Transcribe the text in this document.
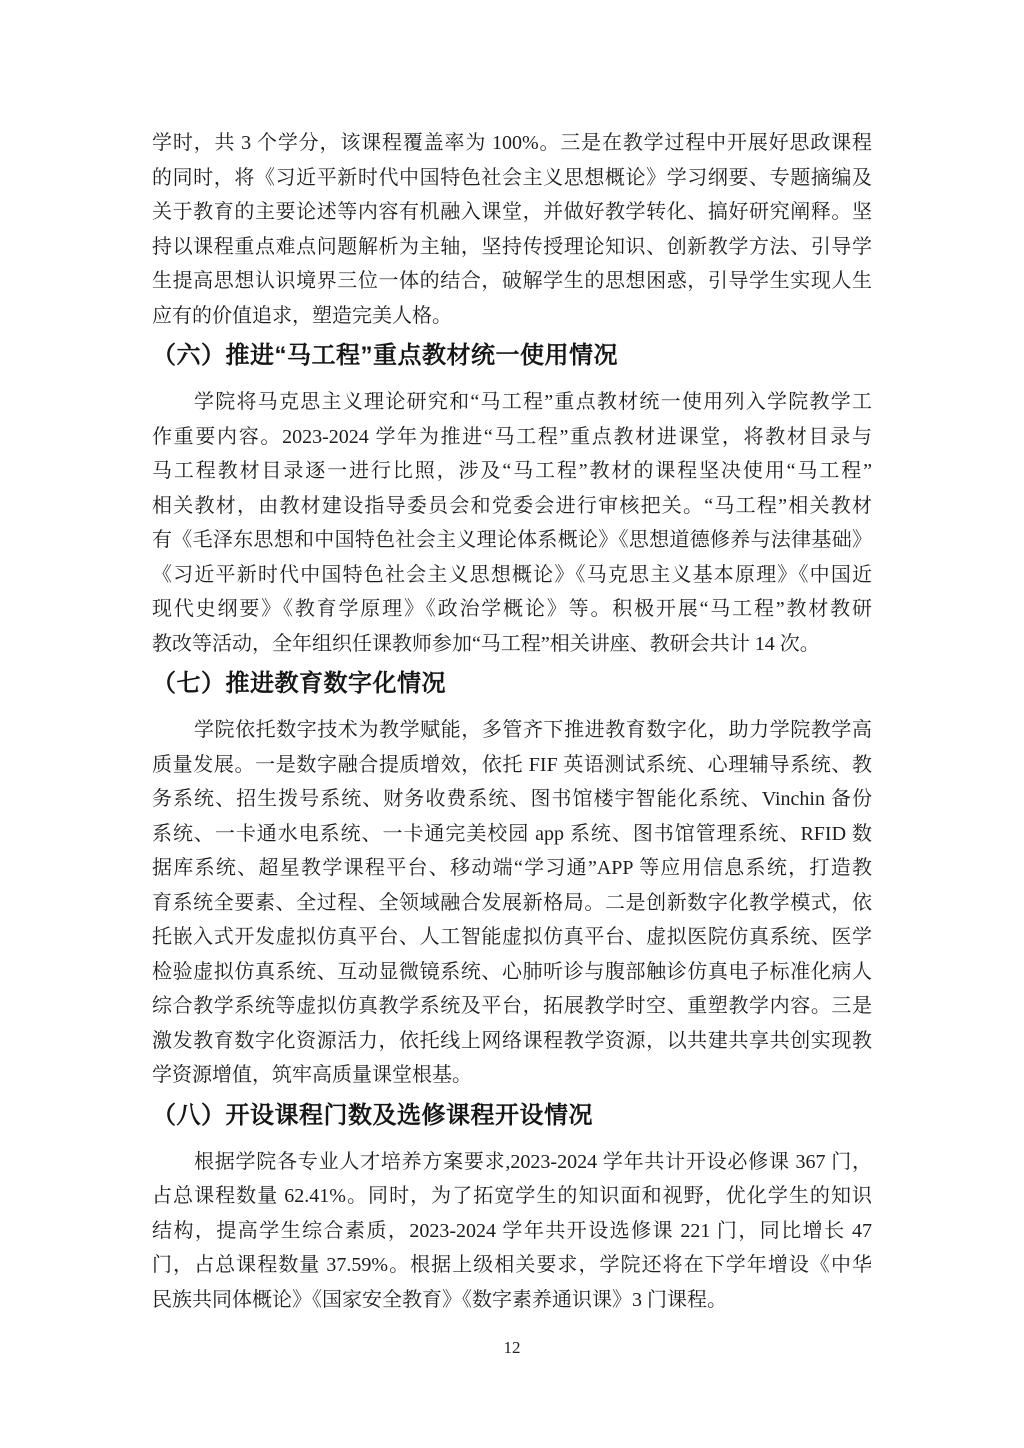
学时，共 3 个学分，该课程覆盖率为 100%。三是在教学过程中开展好思政课程
的同时，将《习近平新时代中国特色社会主义思想概论》学习纲要、专题摘编及
关于教育的主要论述等内容有机融入课堂，并做好教学转化、搞好研究阐释。坚
持以课程重点难点问题解析为主轴，坚持传授理论知识、创新教学方法、引导学
生提高思想认识境界三位一体的结合，破解学生的思想困惑，引导学生实现人生
应有的价值追求，塑造完美人格。
（六）推进“马工程”重点教材统一使用情况
学院将马克思主义理论研究和“马工程”重点教材统一使用列入学院教学工
作重要内容。2023-2024 学年为推进“马工程”重点教材进课堂，将教材目录与
马工程教材目录逐一进行比照，涉及“马工程”教材的课程坚决使用“马工程”
相关教材，由教材建设指导委员会和党委会进行审核把关。“马工程”相关教材
有《毛泽东思想和中国特色社会主义理论体系概论》《思想道德修养与法律基础》
《习近平新时代中国特色社会主义思想概论》《马克思主义基本原理》《中国近
现代史纲要》《教育学原理》《政治学概论》等。积极开展“马工程”教材教研
教改等活动，全年组织任课教师参加“马工程”相关讲座、教研会共计 14 次。
（七）推进教育数字化情况
学院依托数字技术为教学赋能，多管齐下推进教育数字化，助力学院教学高
质量发展。一是数字融合提质增效，依托 FIF 英语测试系统、心理辅导系统、教
务系统、招生拨号系统、财务收费系统、图书馆楼宇智能化系统、Vinchin 备份
系统、一卡通水电系统、一卡通完美校园 app 系统、图书馆管理系统、RFID 数
据库系统、超星教学课程平台、移动端“学习通”APP 等应用信息系统，打造教
育系统全要素、全过程、全领域融合发展新格局。二是创新数字化教学模式，依
托嵌入式开发虚拟仿真平台、人工智能虚拟仿真平台、虚拟医院仿真系统、医学
检验虚拟仿真系统、互动显微镜系统、心肺听诊与腹部触诊仿真电子标准化病人
综合教学系统等虚拟仿真教学系统及平台，拓展教学时空、重塑教学内容。三是
激发教育数字化资源活力，依托线上网络课程教学资源，以共建共享共创实现教
学资源增值，筑牢高质量课堂根基。
（八）开设课程门数及选修课程开设情况
根据学院各专业人才培养方案要求,2023-2024 学年共计开设必修课 367 门，
占总课程数量 62.41%。同时，为了拓宽学生的知识面和视野，优化学生的知识
结构，提高学生综合素质，2023-2024 学年共开设选修课 221 门，同比增长 47
门，占总课程数量 37.59%。根据上级相关要求，学院还将在下学年增设《中华
民族共同体概论》《国家安全教育》《数字素养通识课》3 门课程。
12
